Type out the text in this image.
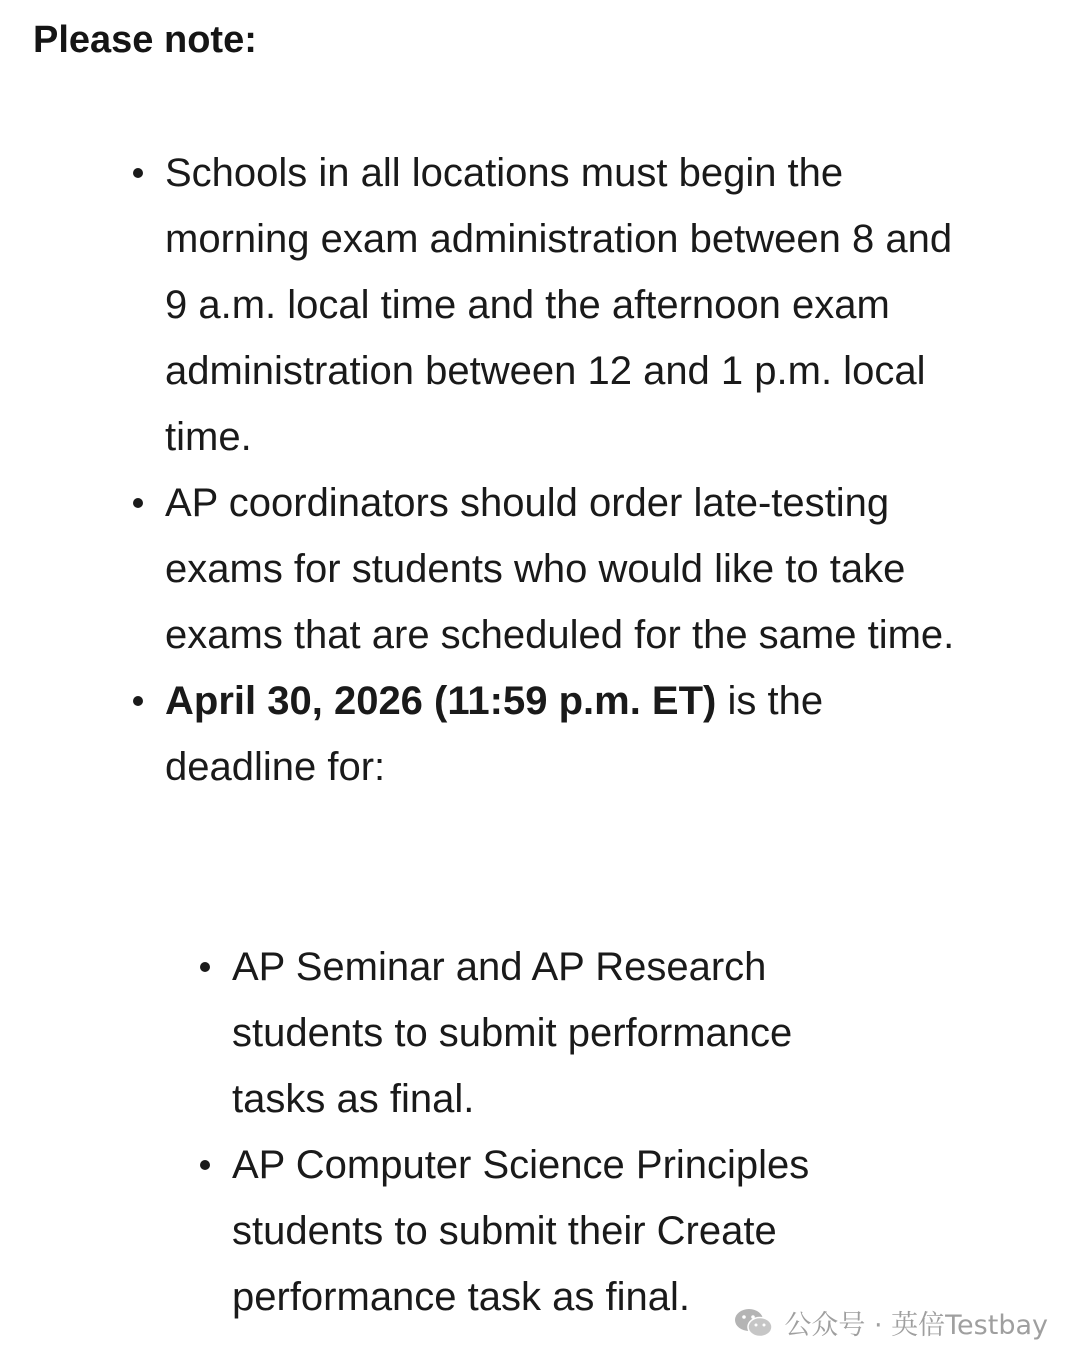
Please note:
Schools in all locations must begin the morning exam administration between 8 and 9 a.m. local time and the afternoon exam administration between 12 and 1 p.m. local time.
AP coordinators should order late-testing exams for students who would like to take exams that are scheduled for the same time.
April 30, 2026 (11:59 p.m. ET) is the deadline for:
AP Seminar and AP Research students to submit performance tasks as final.
AP Computer Science Principles students to submit their Create performance task as final.
公众号 · 英倍Testbay
